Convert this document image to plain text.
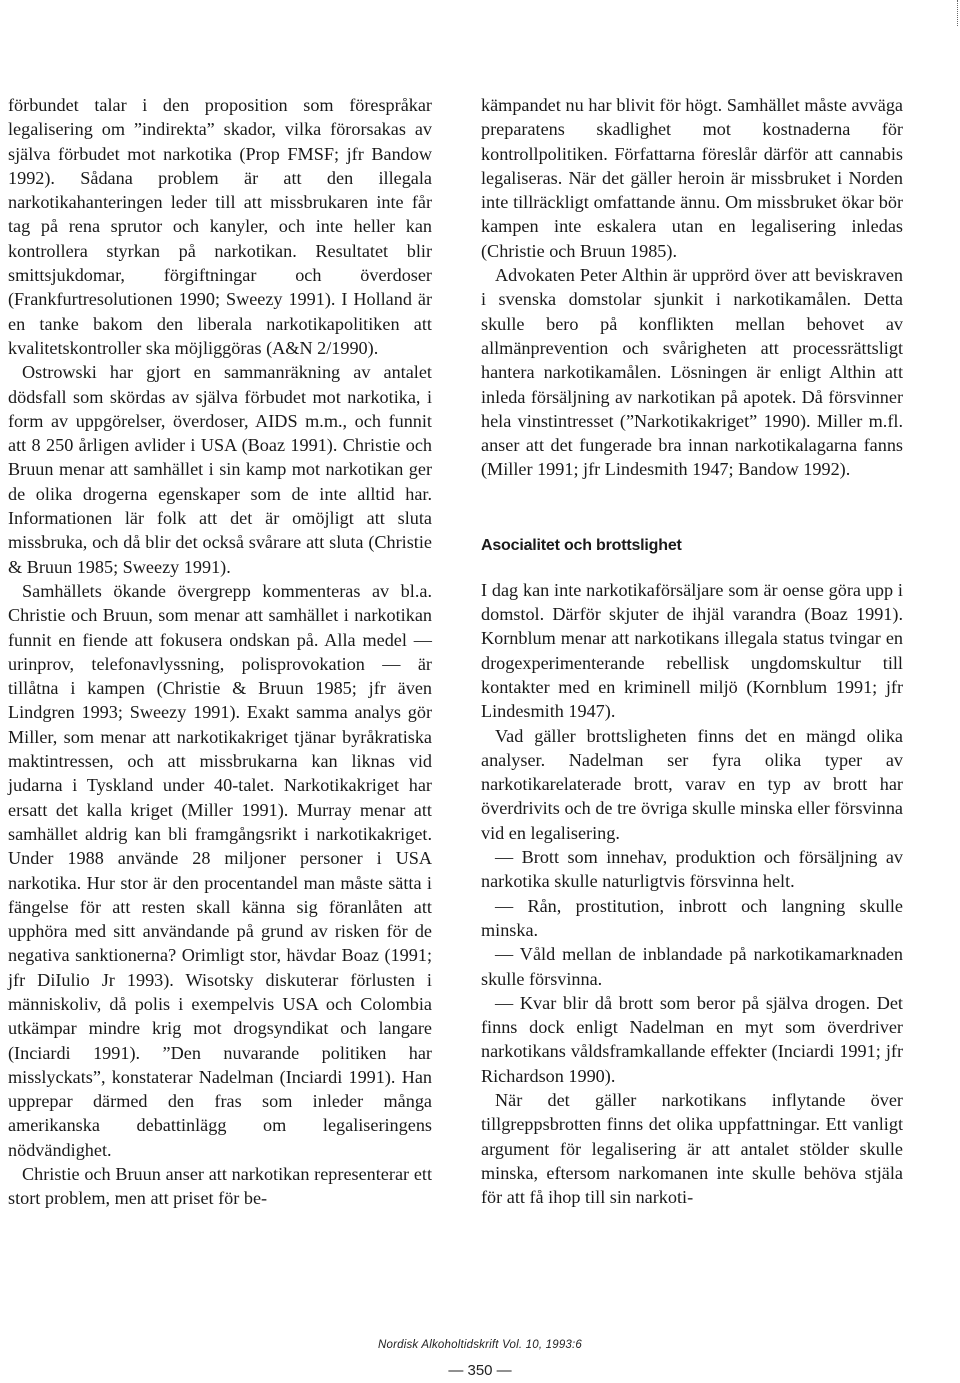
förbundet talar i den proposition som förespråkar legalisering om ”indirekta” skador, vilka förorsakas av själva förbudet mot narkotika (Prop FMSF; jfr Bandow 1992). Sådana problem är att den illegala narkotikahanteringen leder till att missbrukaren inte får tag på rena sprutor och kanyler, och inte heller kan kontrollera styrkan på narkotikan. Resultatet blir smittsjukdomar, förgiftningar och överdoser (Frankfurtresolutionen 1990; Sweezy 1991). I Holland är en tanke bakom den liberala narkotikapolitiken att kvalitetskontroller ska möjliggöras (A&N 2/1990).

Ostrowski har gjort en sammanräkning av antalet dödsfall som skördas av själva förbudet mot narkotika, i form av uppgörelser, överdoser, AIDS m.m., och funnit att 8 250 årligen avlider i USA (Boaz 1991). Christie och Bruun menar att samhället i sin kamp mot narkotikan ger de olika drogerna egenskaper som de inte alltid har. Informationen lär folk att det är omöjligt att sluta missbruka, och då blir det också svårare att sluta (Christie & Bruun 1985; Sweezy 1991).

Samhällets ökande övergrepp kommenteras av bl.a. Christie och Bruun, som menar att samhället i narkotikan funnit en fiende att fokusera ondskan på. Alla medel — urinprov, telefonavlyssning, polisprovokation — är tillåtna i kampen (Christie & Bruun 1985; jfr även Lindgren 1993; Sweezy 1991). Exakt samma analys gör Miller, som menar att narkotikakriget tjänar byråkratiska maktintressen, och att missbrukarna kan liknas vid judarna i Tyskland under 40-talet. Narkotikakriget har ersatt det kalla kriget (Miller 1991). Murray menar att samhället aldrig kan bli framgångsrikt i narkotikakriget. Under 1988 använde 28 miljoner personer i USA narkotika. Hur stor är den procentandel man måste sätta i fängelse för att resten skall känna sig föranlåten att upphöra med sitt användande på grund av risken för de negativa sanktionerna? Orimligt stor, hävdar Boaz (1991; jfr DiIulio Jr 1993). Wisotsky diskuterar förlusten i människoliv, då polis i exempelvis USA och Colombia utkämpar mindre krig mot drogsyndikat och langare (Inciardi 1991). ”Den nuvarande politiken har misslyckats”, konstaterar Nadelman (Inciardi 1991). Han upprepar därmed den fras som inleder många amerikanska debattinlägg om legaliseringens nödvändighet.

Christie och Bruun anser att narkotikan representerar ett stort problem, men att priset för be-

kämpandet nu har blivit för högt. Samhället måste avväga preparatens skadlighet mot kostnaderna för kontrollpolitiken. Författarna föreslår därför att cannabis legaliseras. När det gäller heroin är missbruket i Norden inte tillräckligt omfattande ännu. Om missbruket ökar bör kampen inte eskalera utan en legalisering inledas (Christie och Bruun 1985).

Advokaten Peter Althin är upprörd över att beviskraven i svenska domstolar sjunkit i narkotikamålen. Detta skulle bero på konflikten mellan behovet av allmänprevention och svårigheten att processrättsligt hantera narkotikamålen. Lösningen är enligt Althin att inleda försäljning av narkotikan på apotek. Då försvinner hela vinstintresset (”Narkotikakriget” 1990). Miller m.fl. anser att det fungerade bra innan narkotikalagarna fanns (Miller 1991; jfr Lindesmith 1947; Bandow 1992).

Asocialitet och brottslighet

I dag kan inte narkotikaförsäljare som är oense göra upp i domstol. Därför skjuter de ihjäl varandra (Boaz 1991). Kornblum menar att narkotikans illegala status tvingar en drogexperimenterande rebellisk ungdomskultur till kontakter med en kriminell miljö (Kornblum 1991; jfr Lindesmith 1947).

Vad gäller brottsligheten finns det en mängd olika analyser. Nadelman ser fyra olika typer av narkotikarelaterade brott, varav en typ av brott har överdrivits och de tre övriga skulle minska eller försvinna vid en legalisering.

— Brott som innehav, produktion och försäljning av narkotika skulle naturligtvis försvinna helt.

— Rån, prostitution, inbrott och langning skulle minska.

— Våld mellan de inblandade på narkotikamarknaden skulle försvinna.

— Kvar blir då brott som beror på själva drogen. Det finns dock enligt Nadelman en myt som överdriver narkotikans våldsframkallande effekter (Inciardi 1991; jfr Richardson 1990).

När det gäller narkotikans inflytande över tillgreppsbrotten finns det olika uppfattningar. Ett vanligt argument för legalisering är att antalet stölder skulle minska, eftersom narkomanen inte skulle behöva stjäla för att få ihop till sin narkoti-

Nordisk Alkoholtidskrift Vol. 10, 1993:6
— 350 —
